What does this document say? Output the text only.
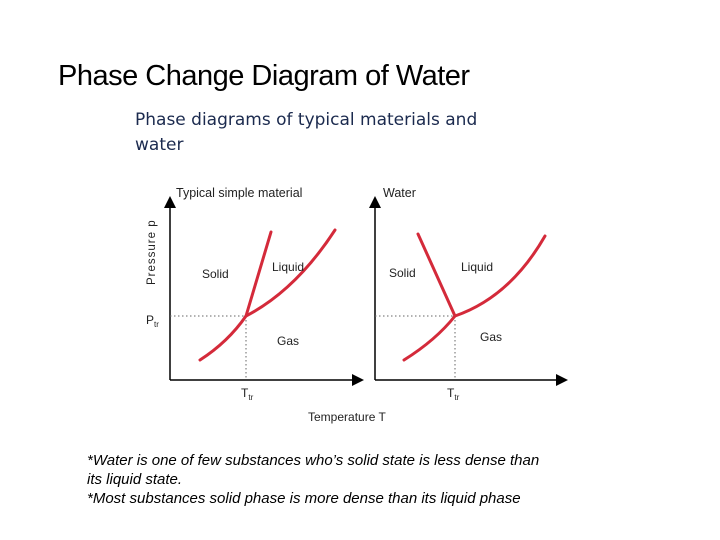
Phase Change Diagram of Water
Phase diagrams of typical materials and
water
Typical simple material	Water
Pressure p	Solid	Liquid
Gas
Solid	Liquid
Gas
$P_{tr}$
$T_{tr}$	$T_{tr}$
Temperature T
*Water is one of few substances who’s solid state is less dense than
its liquid state.
*Most substances solid phase is more dense than its liquid phase
